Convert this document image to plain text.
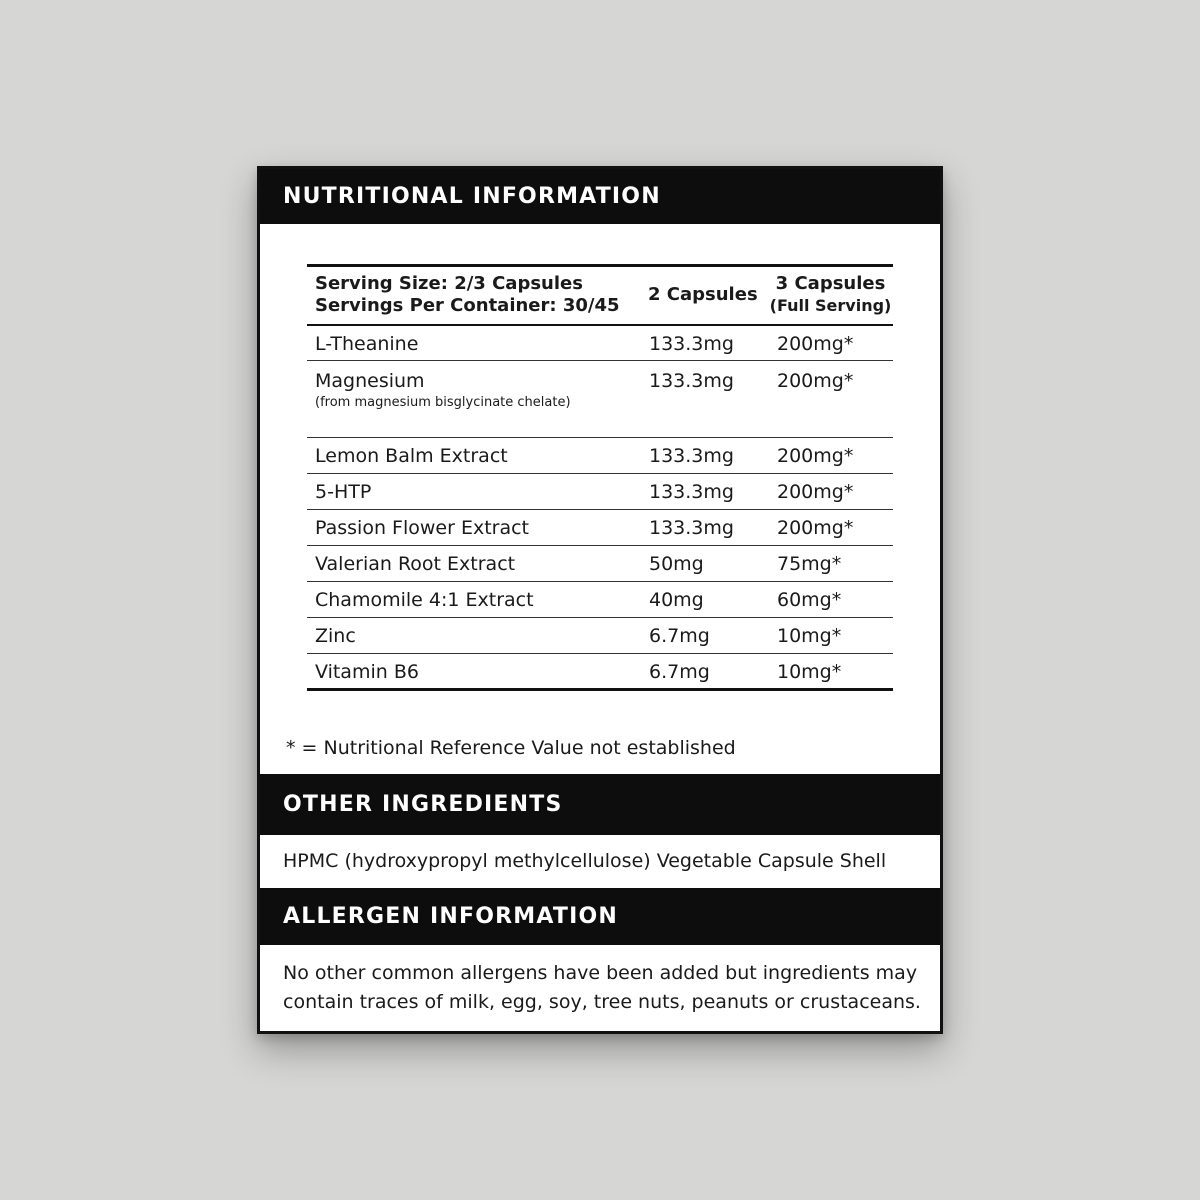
NUTRITIONAL INFORMATION
Serving Size: 2/3 Capsules
Servings Per Container: 30/45	2 Capsules	3 Capsules
(Full Serving)

L-Theanine	133.3mg	200mg*

Magnesium
(from magnesium bisglycinate chelate)	133.3mg	200mg*
Lemon Balm Extract	133.3mg	200mg*
5-HTP	133.3mg	200mg*
Passion Flower Extract	133.3mg	200mg*
Valerian Root Extract	50mg	75mg*
Chamomile 4:1 Extract	40mg	60mg*
Zinc	6.7mg	10mg*
Vitamin B6	6.7mg	10mg*
* = Nutritional Reference Value not established
OTHER INGREDIENTS
HPMC (hydroxypropyl methylcellulose) Vegetable Capsule Shell
ALLERGEN INFORMATION
No other common allergens have been added but ingredients may contain traces of milk, egg, soy, tree nuts, peanuts or crustaceans.
